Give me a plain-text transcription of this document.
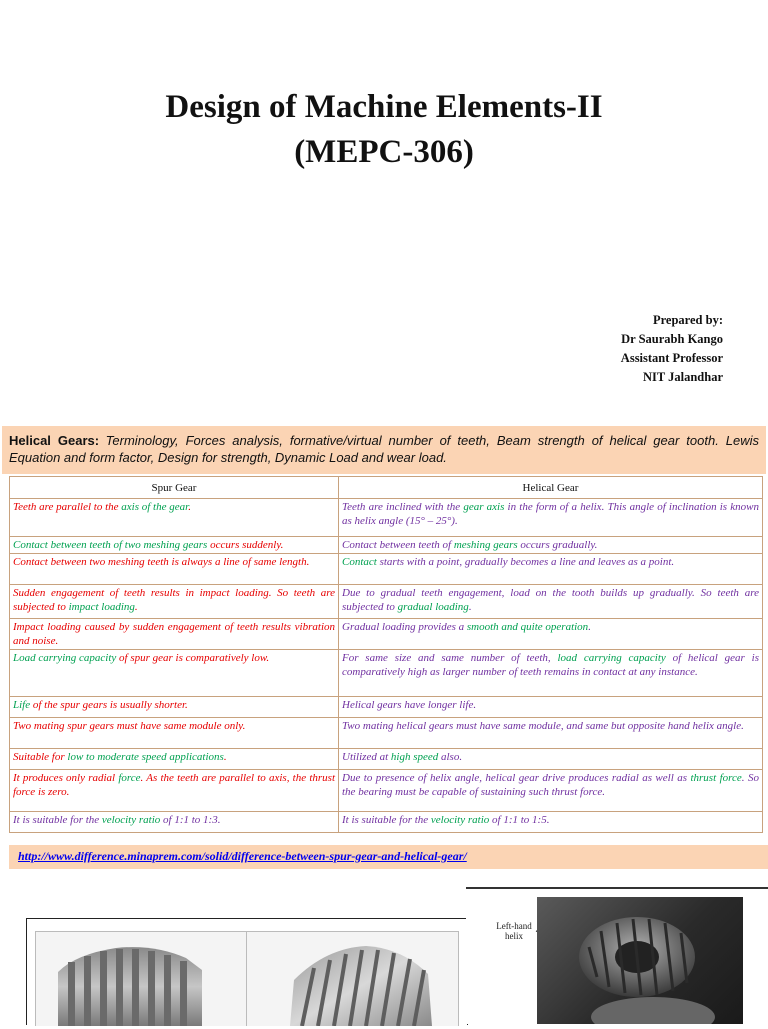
Design of Machine Elements-II
(MEPC-306)
Prepared by:
Dr Saurabh Kango
Assistant Professor
NIT Jalandhar
Helical Gears: Terminology, Forces analysis, formative/virtual number of teeth, Beam strength of helical gear tooth. Lewis Equation and form factor, Design for strength, Dynamic Load and wear load.
Spur Gear	Helical Gear
Teeth are parallel to the axis of the gear.	Teeth are inclined with the gear axis in the form of a helix. This angle of inclination is known as helix angle (15° – 25°).
Contact between teeth of two meshing gears occurs suddenly.	Contact between teeth of meshing gears occurs gradually.
Contact between two meshing teeth is always a line of same length.	Contact starts with a point, gradually becomes a line and leaves as a point.
Sudden engagement of teeth results in impact loading. So teeth are subjected to impact loading.	Due to gradual teeth engagement, load on the tooth builds up gradually. So teeth are subjected to gradual loading.
Impact loading caused by sudden engagement of teeth results vibration and noise.	Gradual loading provides a smooth and quite operation.
Load carrying capacity of spur gear is comparatively low.	For same size and same number of teeth, load carrying capacity of helical gear is comparatively high as larger number of teeth remains in contact at any instance.
Life of the spur gears is usually shorter.	Helical gears have longer life.
Two mating spur gears must have same module only.	Two mating helical gears must have same module, and same but opposite hand helix angle.
Suitable for low to moderate speed applications.	Utilized at high speed also.
It produces only radial force. As the teeth are parallel to axis, the thrust force is zero.	Due to presence of helix angle, helical gear drive produces radial as well as thrust force. So the bearing must be capable of sustaining such thrust force.
It is suitable for the velocity ratio of 1:1 to 1:3.	It is suitable for the velocity ratio of 1:1 to 1:5.
http://www.difference.minaprem.com/solid/difference-between-spur-gear-and-helical-gear/
Left-hand helix
